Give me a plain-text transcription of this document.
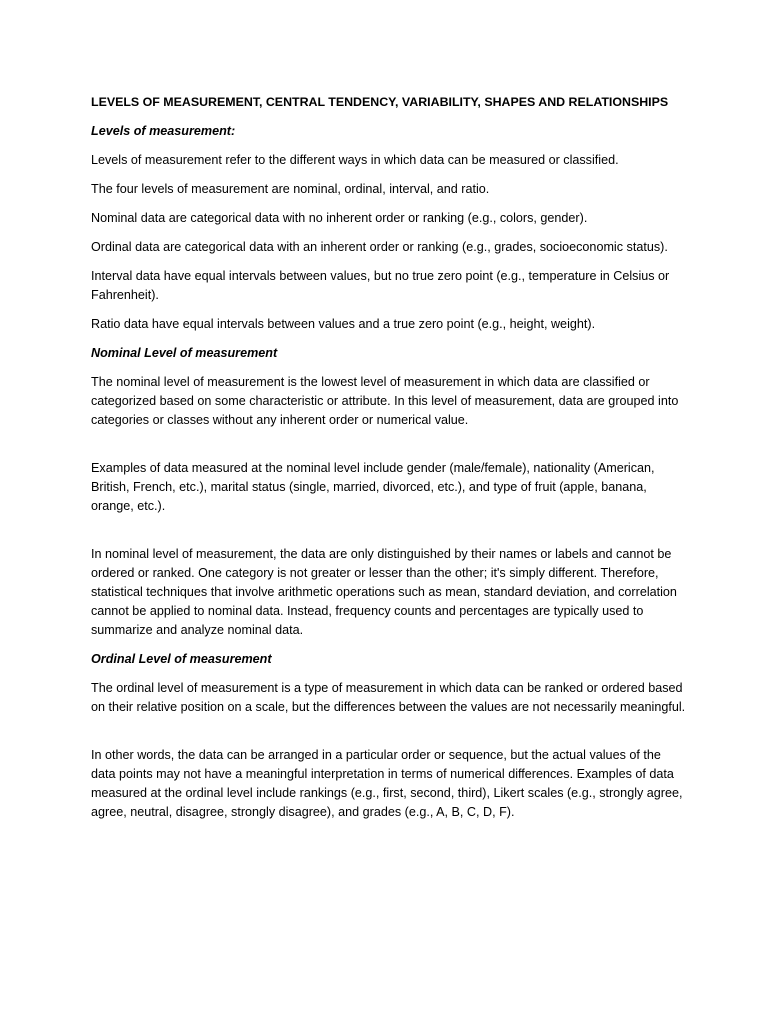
LEVELS OF MEASUREMENT, CENTRAL TENDENCY, VARIABILITY, SHAPES AND RELATIONSHIPS
Levels of measurement:

Levels of measurement refer to the different ways in which data can be measured or classified.

The four levels of measurement are nominal, ordinal, interval, and ratio.

Nominal data are categorical data with no inherent order or ranking (e.g., colors, gender).

Ordinal data are categorical data with an inherent order or ranking (e.g., grades, socioeconomic status).

Interval data have equal intervals between values, but no true zero point (e.g., temperature in Celsius or Fahrenheit).

Ratio data have equal intervals between values and a true zero point (e.g., height, weight).

Nominal Level of measurement

The nominal level of measurement is the lowest level of measurement in which data are classified or categorized based on some characteristic or attribute. In this level of measurement, data are grouped into categories or classes without any inherent order or numerical value.

Examples of data measured at the nominal level include gender (male/female), nationality (American, British, French, etc.), marital status (single, married, divorced, etc.), and type of fruit (apple, banana, orange, etc.).

In nominal level of measurement, the data are only distinguished by their names or labels and cannot be ordered or ranked. One category is not greater or lesser than the other; it's simply different. Therefore, statistical techniques that involve arithmetic operations such as mean, standard deviation, and correlation cannot be applied to nominal data. Instead, frequency counts and percentages are typically used to summarize and analyze nominal data.

Ordinal Level of measurement

The ordinal level of measurement is a type of measurement in which data can be ranked or ordered based on their relative position on a scale, but the differences between the values are not necessarily meaningful.

In other words, the data can be arranged in a particular order or sequence, but the actual values of the data points may not have a meaningful interpretation in terms of numerical differences. Examples of data measured at the ordinal level include rankings (e.g., first, second, third), Likert scales (e.g., strongly agree, agree, neutral, disagree, strongly disagree), and grades (e.g., A, B, C, D, F).
